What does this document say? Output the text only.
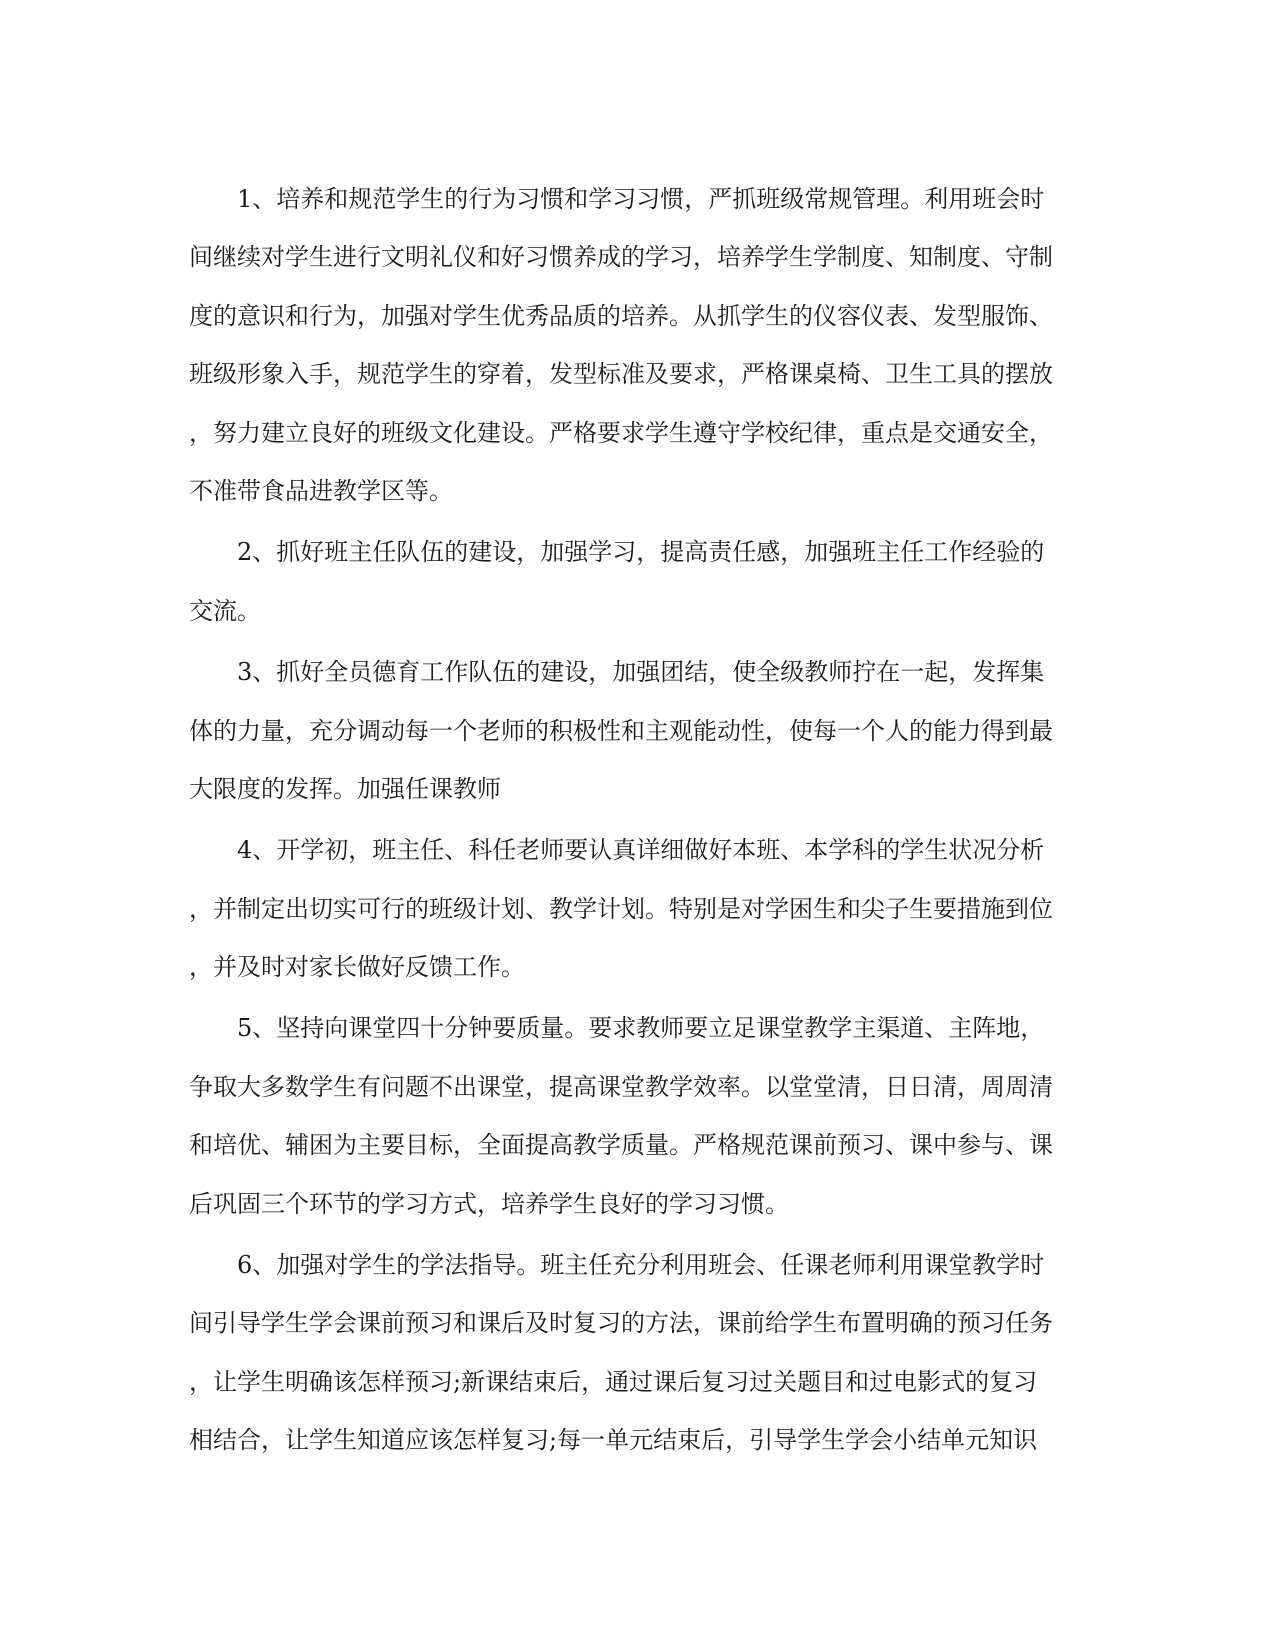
1、培养和规范学生的行为习惯和学习习惯，严抓班级常规管理。利用班会时
间继续对学生进行文明礼仪和好习惯养成的学习，培养学生学制度、知制度、守制
度的意识和行为，加强对学生优秀品质的培养。从抓学生的仪容仪表、发型服饰、
班级形象入手，规范学生的穿着，发型标准及要求，严格课桌椅、卫生工具的摆放
，努力建立良好的班级文化建设。严格要求学生遵守学校纪律，重点是交通安全，
不准带食品进教学区等。

2、抓好班主任队伍的建设，加强学习，提高责任感，加强班主任工作经验的
交流。

3、抓好全员德育工作队伍的建设，加强团结，使全级教师拧在一起，发挥集
体的力量，充分调动每一个老师的积极性和主观能动性，使每一个人的能力得到最
大限度的发挥。加强任课教师

4、开学初，班主任、科任老师要认真详细做好本班、本学科的学生状况分析
，并制定出切实可行的班级计划、教学计划。特别是对学困生和尖子生要措施到位
，并及时对家长做好反馈工作。

5、坚持向课堂四十分钟要质量。要求教师要立足课堂教学主渠道、主阵地，
争取大多数学生有问题不出课堂，提高课堂教学效率。以堂堂清，日日清，周周清
和培优、辅困为主要目标，全面提高教学质量。严格规范课前预习、课中参与、课
后巩固三个环节的学习方式，培养学生良好的学习习惯。

6、加强对学生的学法指导。班主任充分利用班会、任课老师利用课堂教学时
间引导学生学会课前预习和课后及时复习的方法，课前给学生布置明确的预习任务
，让学生明确该怎样预习;新课结束后，通过课后复习过关题目和过电影式的复习
相结合，让学生知道应该怎样复习;每一单元结束后，引导学生学会小结单元知识
